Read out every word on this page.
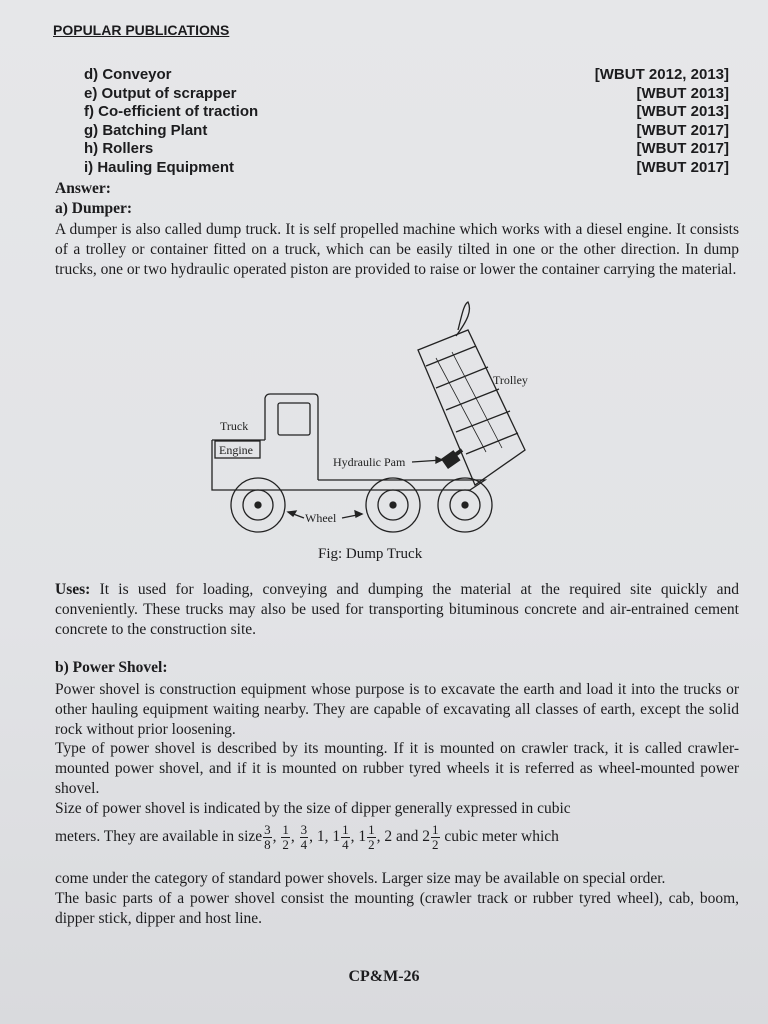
POPULAR PUBLICATIONS
d) Conveyor	[WBUT 2012, 2013]
e) Output of scrapper	[WBUT 2013]
f) Co-efficient of traction	[WBUT 2013]
g) Batching Plant	[WBUT 2017]
h) Rollers	[WBUT 2017]
i) Hauling Equipment	[WBUT 2017]
Answer:
a) Dumper:

A dumper is also called dump truck. It is self propelled machine which works with a diesel engine. It consists of a trolley or container fitted on a truck, which can be easily tilted in one or the other direction. In dump trucks, one or two hydraulic operated piston are provided to raise or lower the container carrying the material.

Trolley
Truck
Engine
Hydraulic Pam
Wheel
Fig: Dump Truck

Uses: It is used for loading, conveying and dumping the material at the required site quickly and conveniently. These trucks may also be used for transporting bituminous concrete and air-entrained cement concrete to the construction site.

b) Power Shovel:

Power shovel is construction equipment whose purpose is to excavate the earth and load it into the trucks or other hauling equipment waiting nearby. They are capable of excavating all classes of earth, except the solid rock without prior loosening.

Type of power shovel is described by its mounting. If it is mounted on crawler track, it is called crawler-mounted power shovel, and if it is mounted on rubber tyred wheels it is referred as wheel-mounted power shovel.

Size of power shovel is indicated by the size of dipper generally expressed in cubic

meters. They are available in size $\frac{3}{8}$ , $\frac{1}{2}$ , $\frac{3}{4}$ , 1, $1 \frac{1}{4}$ , $1 \frac{1}{2}$ , 2 and $2 \frac{1}{2}$ cubic meter which

come under the category of standard power shovels. Larger size may be available on special order.

The basic parts of a power shovel consist the mounting (crawler track or rubber tyred wheel), cab, boom, dipper stick, dipper and host line.

CP&M-26
